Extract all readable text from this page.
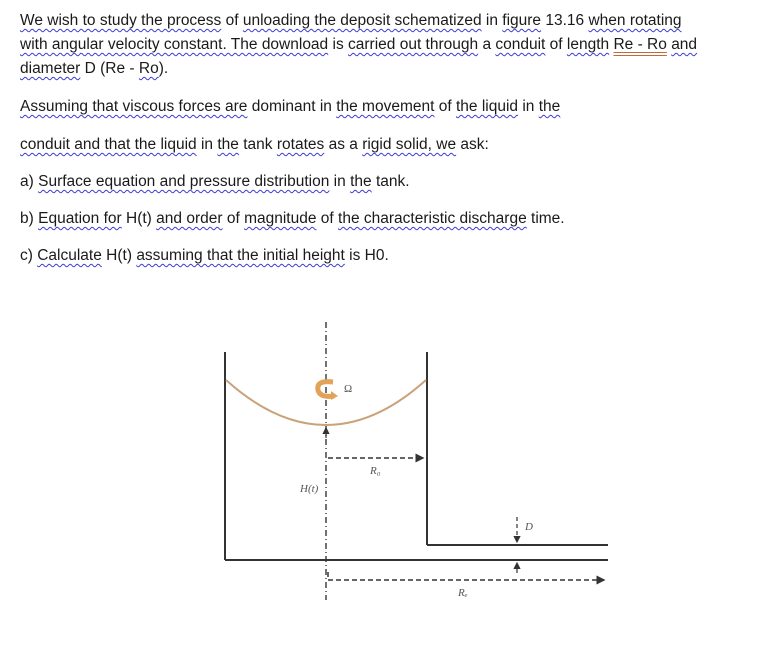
We wish to study the process of unloading the deposit schematized in figure 13.16 when rotating
with angular velocity constant. The download is carried out through a conduit of length Re - Ro and
diameter D (Re - Ro).
Assuming that viscous forces are dominant in the movement of the liquid in the
conduit and that the liquid in the tank rotates as a rigid solid, we ask:
a) Surface equation and pressure distribution in the tank.
b) Equation for H(t) and order of magnitude of the characteristic discharge time.
c) Calculate H(t) assuming that the initial height is H0.
Ω
R₀
H(t)
Rₑ
D
